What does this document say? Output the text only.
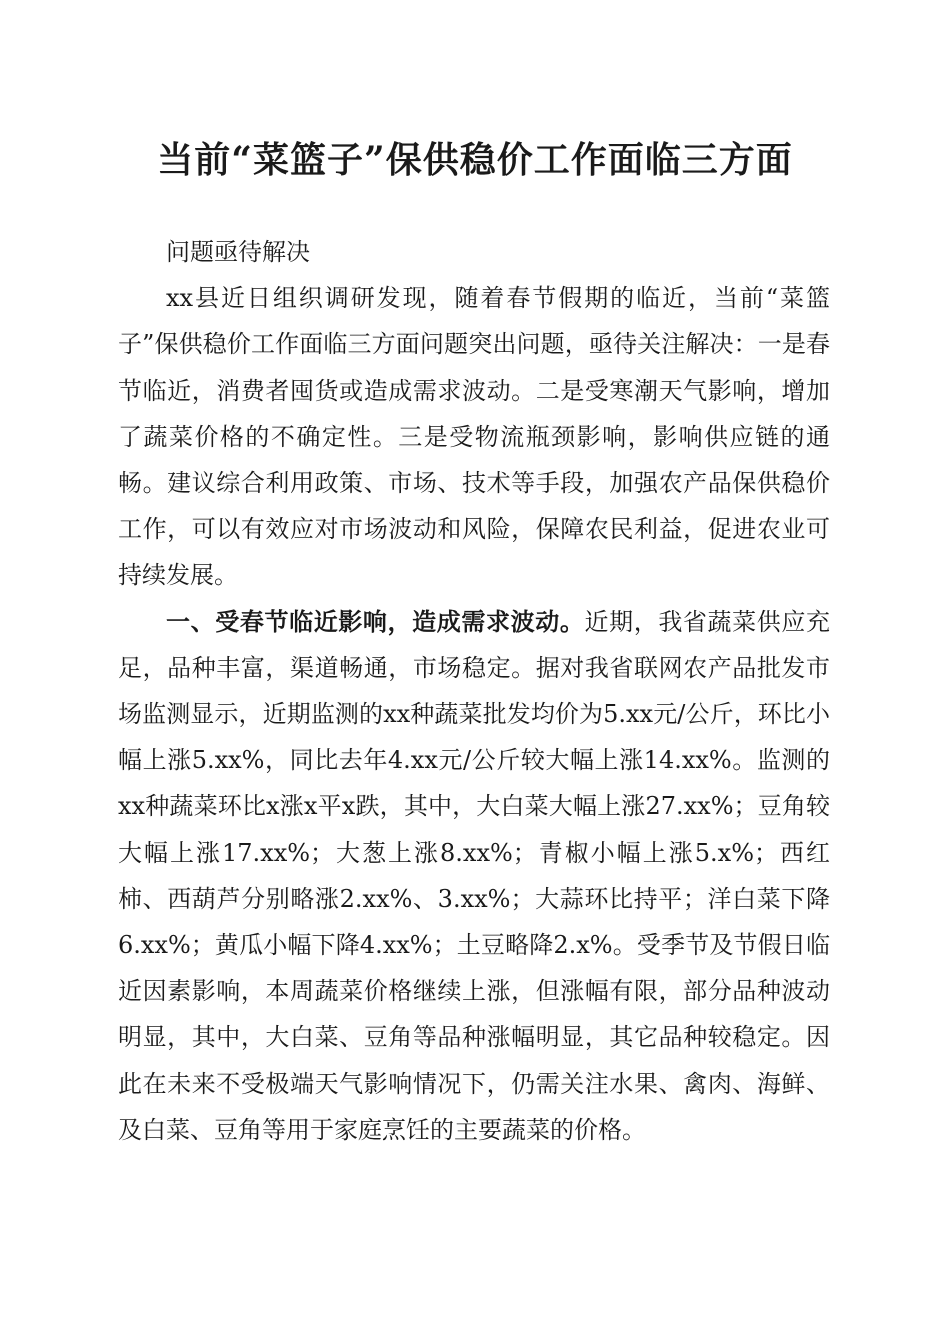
当前“菜篮子”保供稳价工作面临三方面

问题亟待解决

xx县近日组织调研发现，随着春节假期的临近，当前“菜篮子”保供稳价工作面临三方面问题突出问题，亟待关注解决：一是春节临近，消费者囤货或造成需求波动。二是受寒潮天气影响，增加了蔬菜价格的不确定性。三是受物流瓶颈影响，影响供应链的通畅。建议综合利用政策、市场、技术等手段，加强农产品保供稳价工作，可以有效应对市场波动和风险，保障农民利益，促进农业可持续发展。

一、受春节临近影响，造成需求波动。近期，我省蔬菜供应充足，品种丰富，渠道畅通，市场稳定。据对我省联网农产品批发市场监测显示，近期监测的xx种蔬菜批发均价为5.xx元/公斤，环比小幅上涨5.xx%，同比去年4.xx元/公斤较大幅上涨14.xx%。监测的xx种蔬菜环比x涨x平x跌，其中，大白菜大幅上涨27.xx%；豆角较大幅上涨17.xx%；大葱上涨8.xx%；青椒小幅上涨5.x%；西红柿、西葫芦分别略涨2.xx%、3.xx%；大蒜环比持平；洋白菜下降6.xx%；黄瓜小幅下降4.xx%；土豆略降2.x%。受季节及节假日临近因素影响，本周蔬菜价格继续上涨，但涨幅有限，部分品种波动明显，其中，大白菜、豆角等品种涨幅明显，其它品种较稳定。因此在未来不受极端天气影响情况下，仍需关注水果、禽肉、海鲜、及白菜、豆角等用于家庭烹饪的主要蔬菜的价格。
